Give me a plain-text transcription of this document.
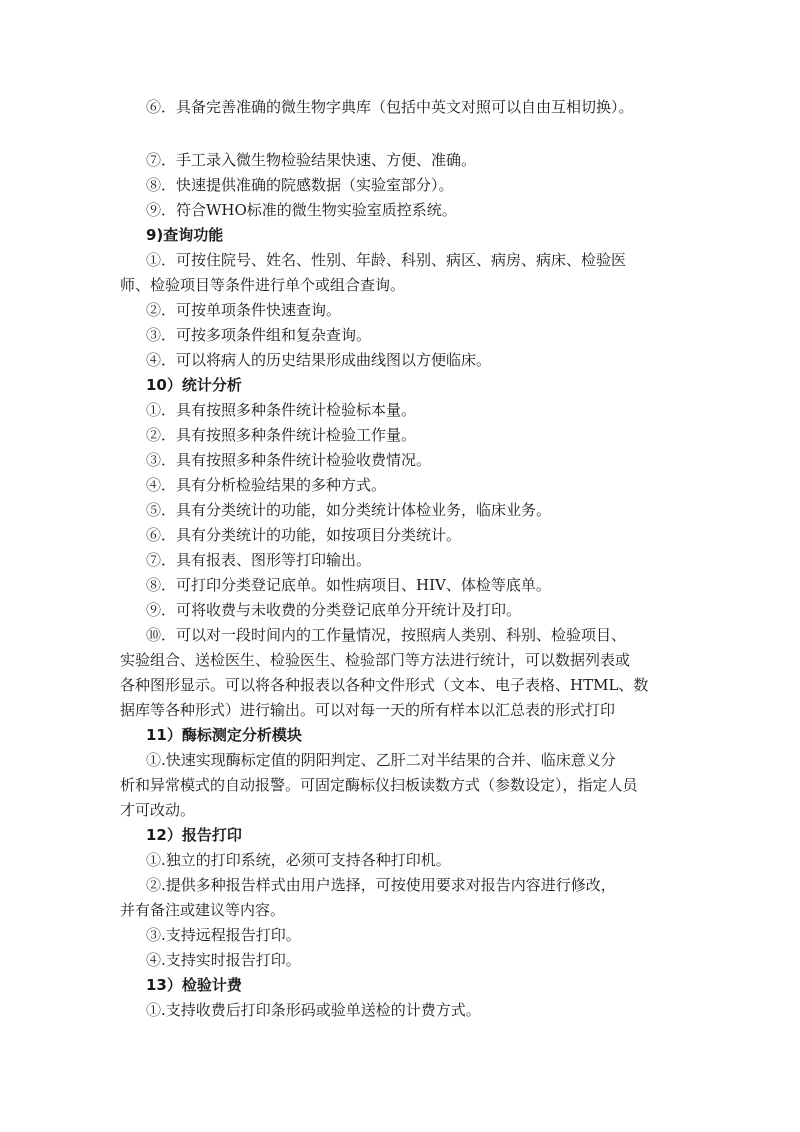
⑥．具备完善准确的微生物字典库（包括中英文对照可以自由互相切换）。
⑦．手工录入微生物检验结果快速、方便、准确。
⑧．快速提供准确的院感数据（实验室部分）。
⑨．符合WHO标准的微生物实验室质控系统。
9)查询功能
①．可按住院号、姓名、性别、年龄、科别、病区、病房、病床、检验医
师、检验项目等条件进行单个或组合查询。
②．可按单项条件快速查询。
③．可按多项条件组和复杂查询。
④．可以将病人的历史结果形成曲线图以方便临床。
10）统计分析
①．具有按照多种条件统计检验标本量。
②．具有按照多种条件统计检验工作量。
③．具有按照多种条件统计检验收费情况。
④．具有分析检验结果的多种方式。
⑤．具有分类统计的功能，如分类统计体检业务，临床业务。
⑥．具有分类统计的功能，如按项目分类统计。
⑦．具有报表、图形等打印输出。
⑧．可打印分类登记底单。如性病项目、HIV、体检等底单。
⑨．可将收费与未收费的分类登记底单分开统计及打印。
⑩．可以对一段时间内的工作量情况，按照病人类别、科别、检验项目、
实验组合、送检医生、检验医生、检验部门等方法进行统计，可以数据列表或
各种图形显示。可以将各种报表以各种文件形式（文本、电子表格、HTML、数
据库等各种形式）进行输出。可以对每一天的所有样本以汇总表的形式打印
11）酶标测定分析模块
①.快速实现酶标定值的阴阳判定、乙肝二对半结果的合并、临床意义分
析和异常模式的自动报警。可固定酶标仪扫板读数方式（参数设定），指定人员
才可改动。
12）报告打印
①.独立的打印系统，必须可支持各种打印机。
②.提供多种报告样式由用户选择，可按使用要求对报告内容进行修改，
并有备注或建议等内容。
③.支持远程报告打印。
④.支持实时报告打印。
13）检验计费
①.支持收费后打印条形码或验单送检的计费方式。
